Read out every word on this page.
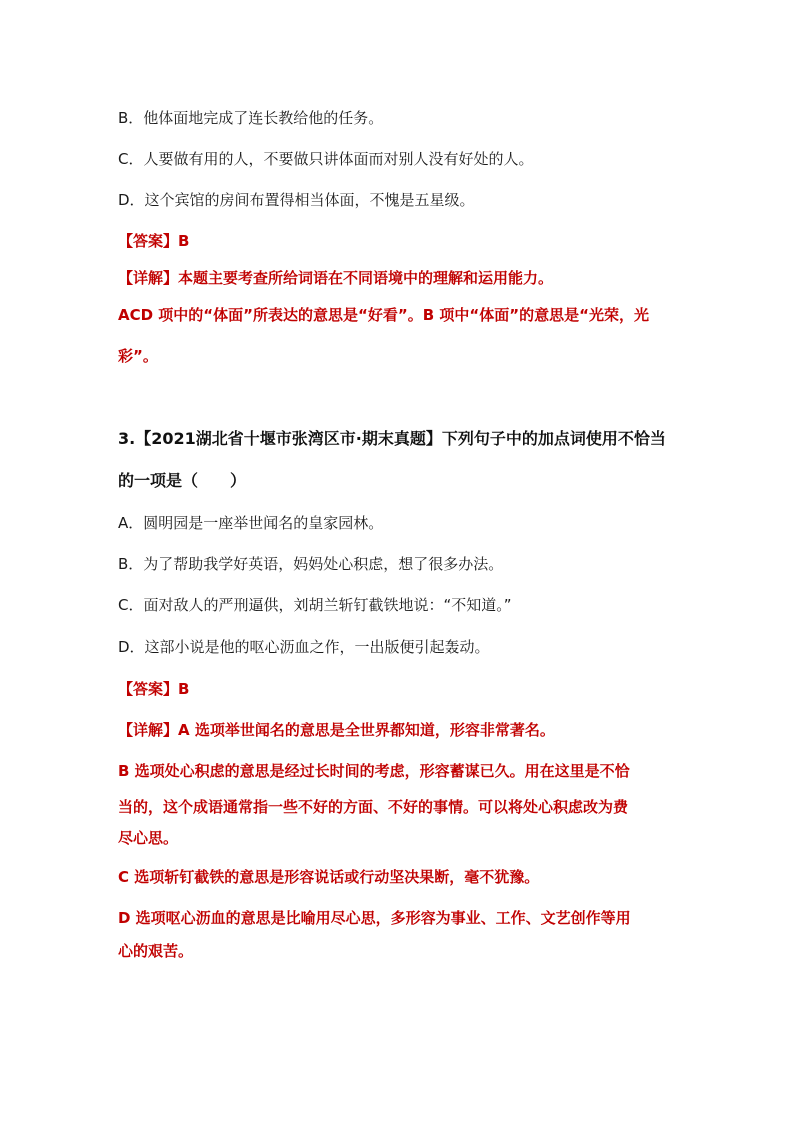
B．他体面地完成了连长教给他的任务。
C．人要做有用的人，不要做只讲体面而对别人没有好处的人。
D．这个宾馆的房间布置得相当体面，不愧是五星级。
【答案】B
【详解】本题主要考查所给词语在不同语境中的理解和运用能力。
ACD 项中的“体面”所表达的意思是“好看”。B 项中“体面”的意思是“光荣，光
彩”。
3.【2021湖北省十堰市张湾区市·期末真题】下列句子中的加点词使用不恰当
的一项是（　　）
A．圆明园是一座举世闻名的皇家园林。
B．为了帮助我学好英语，妈妈处心积虑，想了很多办法。
C．面对敌人的严刑逼供，刘胡兰斩钉截铁地说：“不知道。”
D．这部小说是他的呕心沥血之作，一出版便引起轰动。
【答案】B
【详解】A 选项举世闻名的意思是全世界都知道，形容非常著名。
B 选项处心积虑的意思是经过长时间的考虑，形容蓄谋已久。用在这里是不恰
当的，这个成语通常指一些不好的方面、不好的事情。可以将处心积虑改为费
尽心思。
C 选项斩钉截铁的意思是形容说话或行动坚决果断，毫不犹豫。
D 选项呕心沥血的意思是比喻用尽心思，多形容为事业、工作、文艺创作等用
心的艰苦。
